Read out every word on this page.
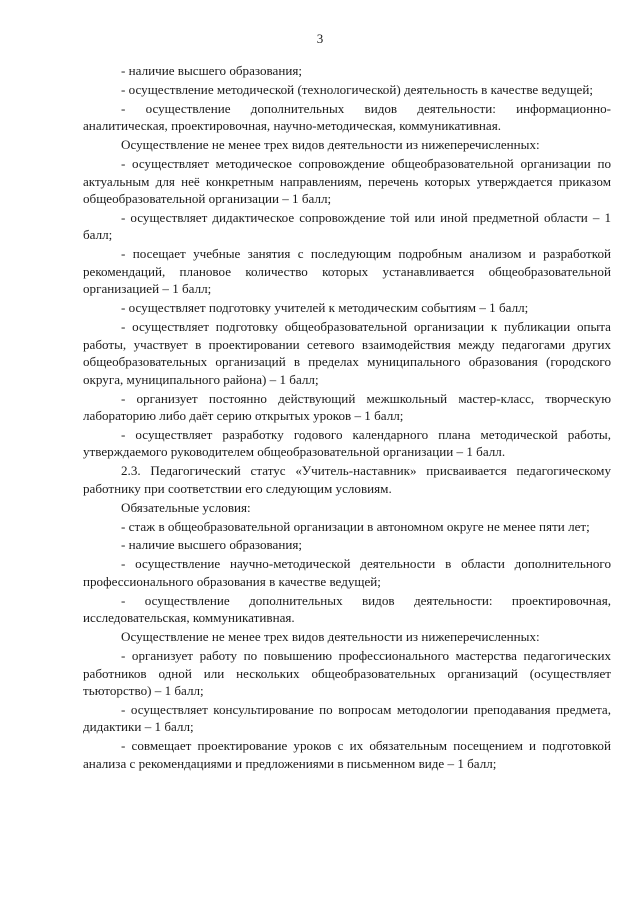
3

- наличие высшего образования;

- осуществление методической (технологической) деятельность в качестве ведущей;

- осуществление дополнительных видов деятельности: информационно-аналитическая, проектировочная, научно-методическая, коммуникативная.

Осуществление не менее трех видов деятельности из нижеперечисленных:

- осуществляет методическое сопровождение общеобразовательной организации по актуальным для неё конкретным направлениям, перечень которых утверждается приказом общеобразовательной организации – 1 балл;

- осуществляет дидактическое сопровождение той или иной предметной области – 1 балл;

- посещает учебные занятия с последующим подробным анализом и разработкой рекомендаций, плановое количество которых устанавливается общеобразовательной организацией – 1 балл;

- осуществляет подготовку учителей к методическим событиям – 1 балл;

- осуществляет подготовку общеобразовательной организации к публикации опыта работы, участвует в проектировании сетевого взаимодействия между педагогами других общеобразовательных организаций в пределах муниципального образования (городского округа, муниципального района) – 1 балл;

- организует постоянно действующий межшкольный мастер-класс, творческую лабораторию либо даёт серию открытых уроков – 1 балл;

- осуществляет разработку годового календарного плана методической работы, утверждаемого руководителем общеобразовательной организации – 1 балл.

2.3. Педагогический статус «Учитель-наставник» присваивается педагогическому работнику при соответствии его следующим условиям.

Обязательные условия:

- стаж в общеобразовательной организации в автономном округе не менее пяти лет;

- наличие высшего образования;

- осуществление научно-методической деятельности в области дополнительного профессионального образования в качестве ведущей;

- осуществление дополнительных видов деятельности: проектировочная, исследовательская, коммуникативная.

Осуществление не менее трех видов деятельности из нижеперечисленных:

- организует работу по повышению профессионального мастерства педагогических работников одной или нескольких общеобразовательных организаций (осуществляет тьюторство) – 1 балл;

- осуществляет консультирование по вопросам методологии преподавания предмета, дидактики – 1 балл;

- совмещает проектирование уроков с их обязательным посещением и подготовкой анализа с рекомендациями и предложениями в письменном виде – 1 балл;
